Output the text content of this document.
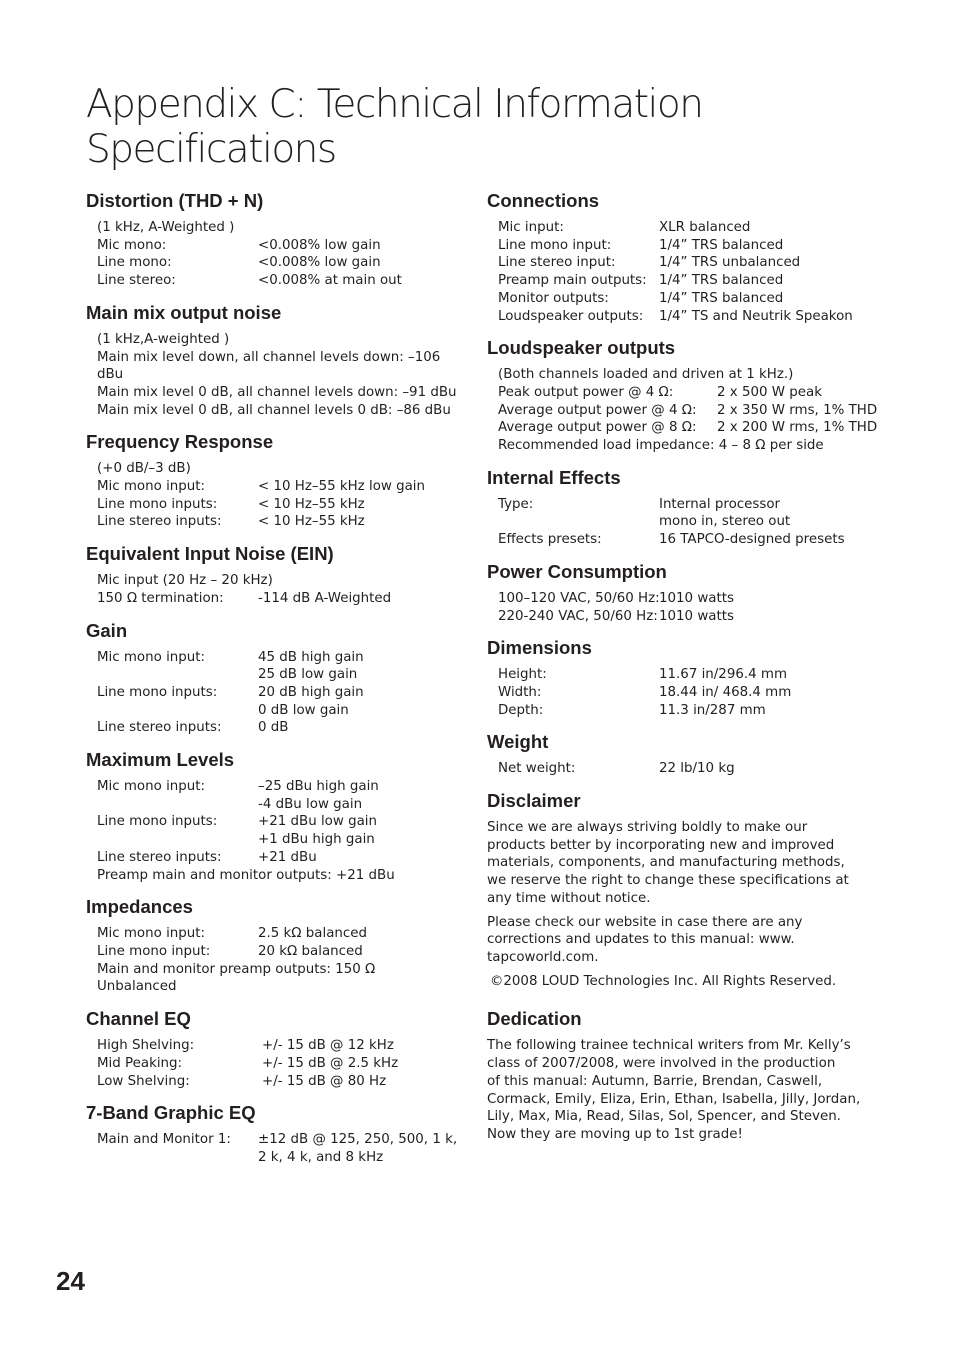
Appendix C: Technical Information
Specifications
Distortion (THD + N)
(1 kHz, A-Weighted )
Mic mono:	<0.008% low gain
Line mono:	<0.008% low gain
Line stereo:	<0.008% at main out
Main mix output noise
(1 kHz,A-weighted )
Main mix level down, all channel levels down: –106
dBu
Main mix level 0 dB, all channel levels down: –91 dBu
Main mix level 0 dB, all channel levels 0 dB: –86 dBu
Frequency Response
(+0 dB/–3 dB)
Mic mono input:	< 10 Hz–55 kHz low gain
Line mono inputs:	< 10 Hz–55 kHz
Line stereo inputs:	< 10 Hz–55 kHz
Equivalent Input Noise (EIN)
Mic input (20 Hz – 20 kHz)
150 Ω termination:	-114 dB A-Weighted
Gain
Mic mono input:	45 dB high gain
25 dB low gain
Line mono inputs:	20 dB high gain
0 dB low gain
Line stereo inputs:	0 dB
Maximum Levels
Mic mono input:	–25 dBu high gain
-4 dBu low gain
Line mono inputs:	+21 dBu low gain
+1 dBu high gain
Line stereo inputs:	+21 dBu
Preamp main and monitor outputs: +21 dBu
Impedances
Mic mono input:	2.5 kΩ balanced
Line mono input:	20 kΩ balanced
Main and monitor preamp outputs: 150 Ω
Unbalanced
Channel EQ
High Shelving:	+/- 15 dB @ 12 kHz
Mid Peaking:	+/- 15 dB @ 2.5 kHz
Low Shelving:	+/- 15 dB @ 80 Hz
7-Band Graphic EQ
Main and Monitor 1:	±12 dB @ 125, 250, 500, 1 k,
2 k, 4 k, and 8 kHz
Connections
Mic input:	XLR balanced
Line mono input:	1/4” TRS balanced
Line stereo input:	1/4” TRS unbalanced
Preamp main outputs: 1/4” TRS balanced
Monitor outputs:	1/4” TRS balanced
Loudspeaker outputs:	1/4” TS and Neutrik Speakon
Loudspeaker outputs
(Both channels loaded and driven at 1 kHz.)
Peak output power @ 4 Ω:	2 x 500 W peak
Average output power @ 4 Ω:	2 x 350 W rms, 1% THD
Average output power @ 8 Ω:	2 x 200 W rms, 1% THD
Recommended load impedance: 4 – 8 Ω per side
Internal Effects
Type:	Internal processor
mono in, stereo out
Effects presets:	16 TAPCO-designed presets
Power Consumption
100–120 VAC, 50/60 Hz: 1010 watts
220-240 VAC, 50/60 Hz: 1010 watts
Dimensions
Height:	11.67 in/296.4 mm
Width:	18.44 in/ 468.4 mm
Depth:	11.3 in/287 mm
Weight
Net weight:	22 lb/10 kg
Disclaimer
Since we are always striving boldly to make our
products better by incorporating new and improved
materials, components, and manufacturing methods,
we reserve the right to change these specifications at
any time without notice.
Please check our website in case there are any
corrections and updates to this manual: www.
tapcoworld.com.
©2008 LOUD Technologies Inc. All Rights Reserved.
Dedication
The following trainee technical writers from Mr. Kelly’s
class of 2007/2008, were involved in the production
of this manual: Autumn, Barrie, Brendan, Caswell,
Cormack, Emily, Eliza, Erin, Ethan, Isabella, Jilly, Jordan,
Lily, Max, Mia, Read, Silas, Sol, Spencer, and Steven.
Now they are moving up to 1st grade!
24
